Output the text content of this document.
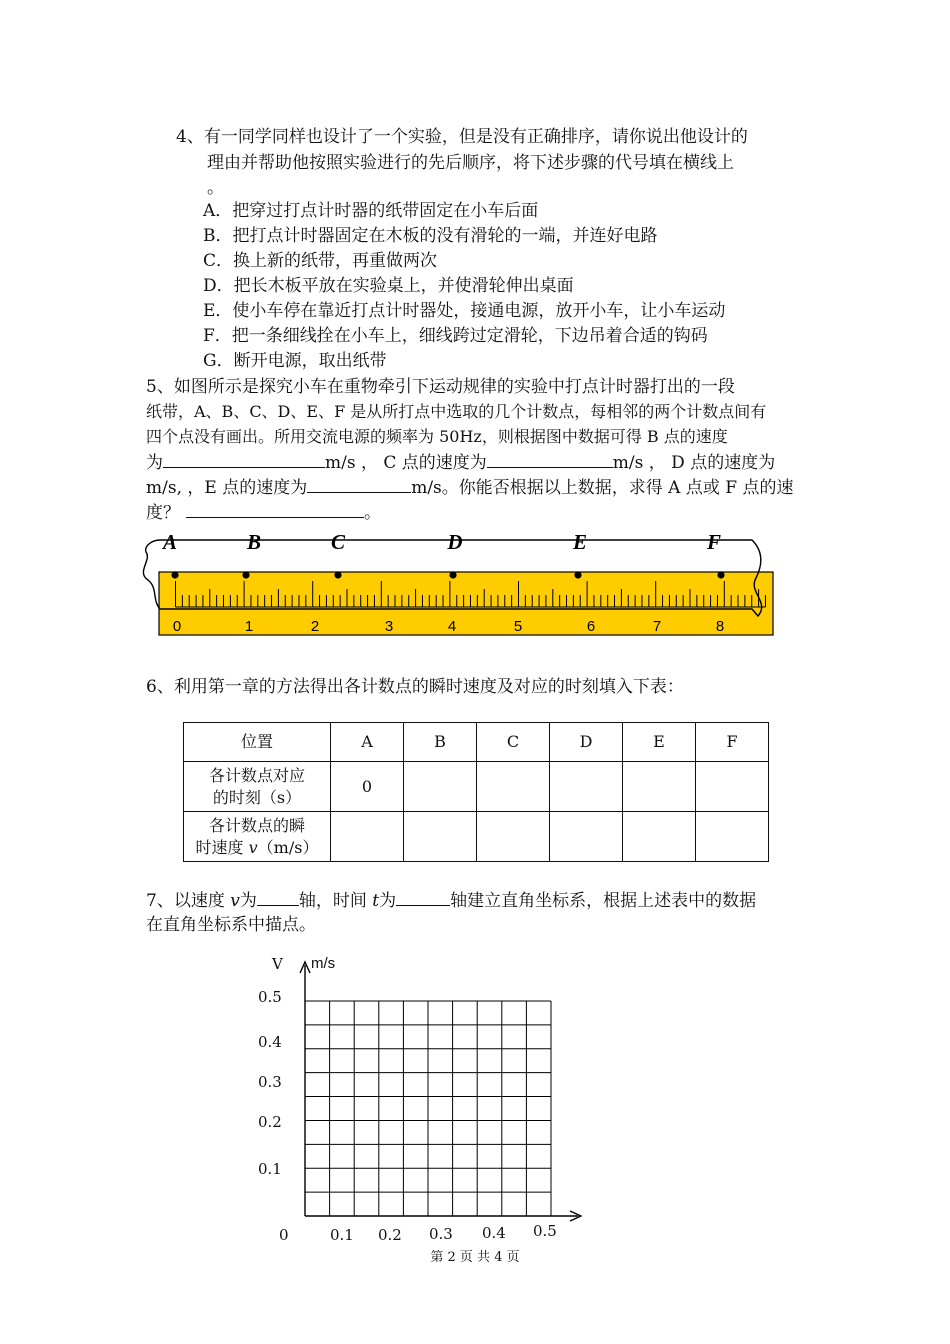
4、有一同学同样也设计了一个实验，但是没有正确排序，请你说出他设计的
理由并帮助他按照实验进行的先后顺序，将下述步骤的代号填在横线上
。
A．把穿过打点计时器的纸带固定在小车后面
B．把打点计时器固定在木板的没有滑轮的一端，并连好电路
C．换上新的纸带，再重做两次
D．把长木板平放在实验桌上，并使滑轮伸出桌面
E．使小车停在靠近打点计时器处，接通电源，放开小车，让小车运动
F．把一条细线拴在小车上，细线跨过定滑轮，下边吊着合适的钩码
G．断开电源，取出纸带
5、如图所示是探究小车在重物牵引下运动规律的实验中打点计时器打出的一段
纸带，A、B、C、D、E、F 是从所打点中选取的几个计数点，每相邻的两个计数点间有
四个点没有画出。所用交流电源的频率为 50Hz，则根据图中数据可得 B 点的速度
为	m/s ， C 点的速度为	m/s ， D 点的速度为
m/s, ，E 点的速度为	m/s。你能否根据以上数据，求得 A 点或 F 点的速
度？	。
A	B	C	D	E	F
0	1	2	3	4	5	6	7	8
6、利用第一章的方法得出各计数点的瞬时速度及对应的时刻填入下表：
位置	A	B	C	D	E	F

各计数点对应
的时刻（s）	0					

各计数点的瞬
时速度 v（m/s）						

7、以速度 v为 轴，时间 t为	轴建立直角坐标系，根据上述表中的数据
在直角坐标系中描点。
V m/s
0.5
0.4
0.3
0.2
0.1
0	0.1 0.2 0.3 0.4 0.5
第 2 页 共 4 页
